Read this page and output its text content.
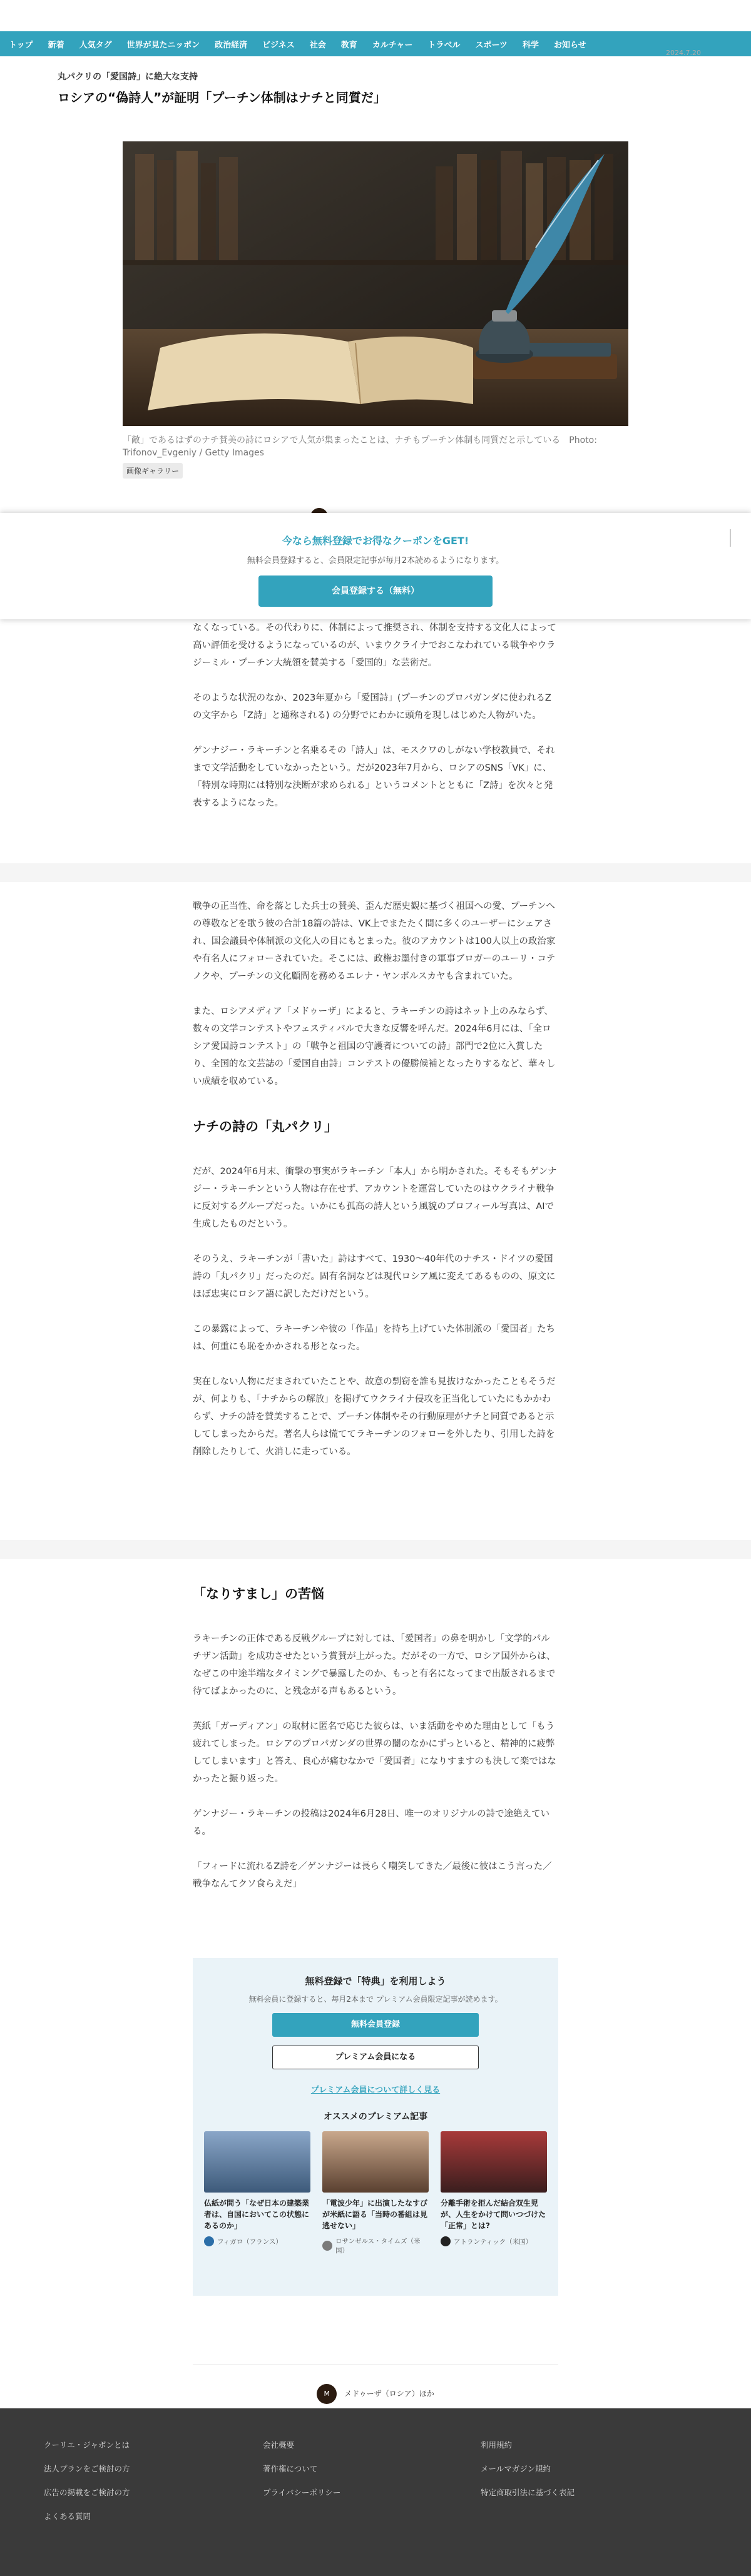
トップ 新着 人気タグ 世界が見たニッポン 政治経済 ビジネス 社会 教育 カルチャー トラベル スポーツ 科学 お知らせ
2024.7.20
丸パクリの「愛国詩」に絶大な支持
ロシアの“偽詩人”が証明「プーチン体制はナチと同質だ」
「敵」であるはずのナチ賛美の詩にロシアで人気が集まったことは、ナチもプーチン体制も同質だと示している　Photo: Trifonov_Evgeniy / Getty Images
画像ギャラリー
今なら無料登録でお得なクーポンをGET!
無料会員登録すると、会員限定記事が毎月2本読めるようになります。
会員登録する（無料）

なくなっている。その代わりに、体制によって推奨され、体制を支持する文化人によって高い評価を受けるようになっているのが、いまウクライナでおこなわれている戦争やウラジーミル・プーチン大統領を賛美する「愛国的」な芸術だ。

そのような状況のなか、2023年夏から「愛国詩」(プーチンのプロパガンダに使われるZの文字から「Z詩」と通称される) の分野でにわかに頭角を現しはじめた人物がいた。

ゲンナジー・ラキーチンと名乗るその「詩人」は、モスクワのしがない学校教員で、それまで文学活動をしていなかったという。だが2023年7月から、ロシアのSNS「VK」に、「特別な時期には特別な決断が求められる」というコメントとともに「Z詩」を次々と発表するようになった。

戦争の正当性、命を落とした兵士の賛美、歪んだ歴史観に基づく祖国への愛、プーチンへの尊敬などを歌う彼の合計18篇の詩は、VK上でまたたく間に多くのユーザーにシェアされ、国会議員や体制派の文化人の目にもとまった。彼のアカウントは100人以上の政治家や有名人にフォローされていた。そこには、政権お墨付きの軍事ブロガーのユーリ・コテノクや、プーチンの文化顧問を務めるエレナ・ヤンボルスカヤも含まれていた。

また、ロシアメディア「メドゥーザ」によると、ラキーチンの詩はネット上のみならず、数々の文学コンテストやフェスティバルで大きな反響を呼んだ。2024年6月には、「全ロシア愛国詩コンテスト」の「戦争と祖国の守護者についての詩」部門で2位に入賞したり、全国的な文芸誌の「愛国自由詩」コンテストの優勝候補となったりするなど、華々しい成績を収めている。

ナチの詩の「丸パクリ」

だが、2024年6月末、衝撃の事実がラキーチン「本人」から明かされた。そもそもゲンナジー・ラキーチンという人物は存在せず、アカウントを運営していたのはウクライナ戦争に反対するグループだった。いかにも孤高の詩人という風貌のプロフィール写真は、AIで生成したものだという。

そのうえ、ラキーチンが「書いた」詩はすべて、1930〜40年代のナチス・ドイツの愛国詩の「丸パクリ」だったのだ。固有名詞などは現代ロシア風に変えてあるものの、原文にほぼ忠実にロシア語に訳しただけだという。

この暴露によって、ラキーチンや彼の「作品」を持ち上げていた体制派の「愛国者」たちは、何重にも恥をかかされる形となった。

実在しない人物にだまされていたことや、故意の剽窃を誰も見抜けなかったこともそうだが、何よりも、「ナチからの解放」を掲げてウクライナ侵攻を正当化していたにもかかわらず、ナチの詩を賛美することで、プーチン体制やその行動原理がナチと同質であると示してしまったからだ。著名人らは慌ててラキーチンのフォローを外したり、引用した詩を削除したりして、火消しに走っている。

「なりすまし」の苦悩

ラキーチンの正体である反戦グループに対しては、「愛国者」の鼻を明かし「文学的パルチザン活動」を成功させたという賞賛が上がった。だがその一方で、ロシア国外からは、なぜこの中途半端なタイミングで暴露したのか、もっと有名になってまで出版されるまで待てばよかったのに、と残念がる声もあるという。

英紙「ガーディアン」の取材に匿名で応じた彼らは、いま活動をやめた理由として「もう疲れてしまった。ロシアのプロパガンダの世界の闇のなかにずっといると、精神的に疲弊してしまいます」と答え、良心が痛むなかで「愛国者」になりすますのも決して楽ではなかったと振り返った。

ゲンナジー・ラキーチンの投稿は2024年6月28日、唯一のオリジナルの詩で途絶えている。

「フィードに流れるZ詩を／ゲンナジーは長らく嘲笑してきた／最後に彼はこう言った／戦争なんてクソ食らえだ」

無料登録で「特典」を利用しよう
無料会員に登録すると、毎月2本まで プレミアム会員限定記事が読めます。
無料会員登録
プレミアム会員になる
プレミアム会員について詳しく見る
オススメのプレミアム記事
仏紙が問う「なぜ日本の建築業者は、自国においてこの状態にあるのか」
フィガロ（フランス）
「電波少年」に出演したなすびが米紙に語る「当時の番組は見逃せない」
ロサンゼルス・タイムズ（米国）
分離手術を拒んだ結合双生児が、人生をかけて問いつづけた「正常」とは?
アトランティック（米国）
M メドゥーザ（ロシア）ほか
クーリエ・ジャポンとは
法人プランをご検討の方
広告の掲載をご検討の方
よくある質問
会社概要
著作権について
プライバシーポリシー
利用規約
メールマガジン規約
特定商取引法に基づく表記
